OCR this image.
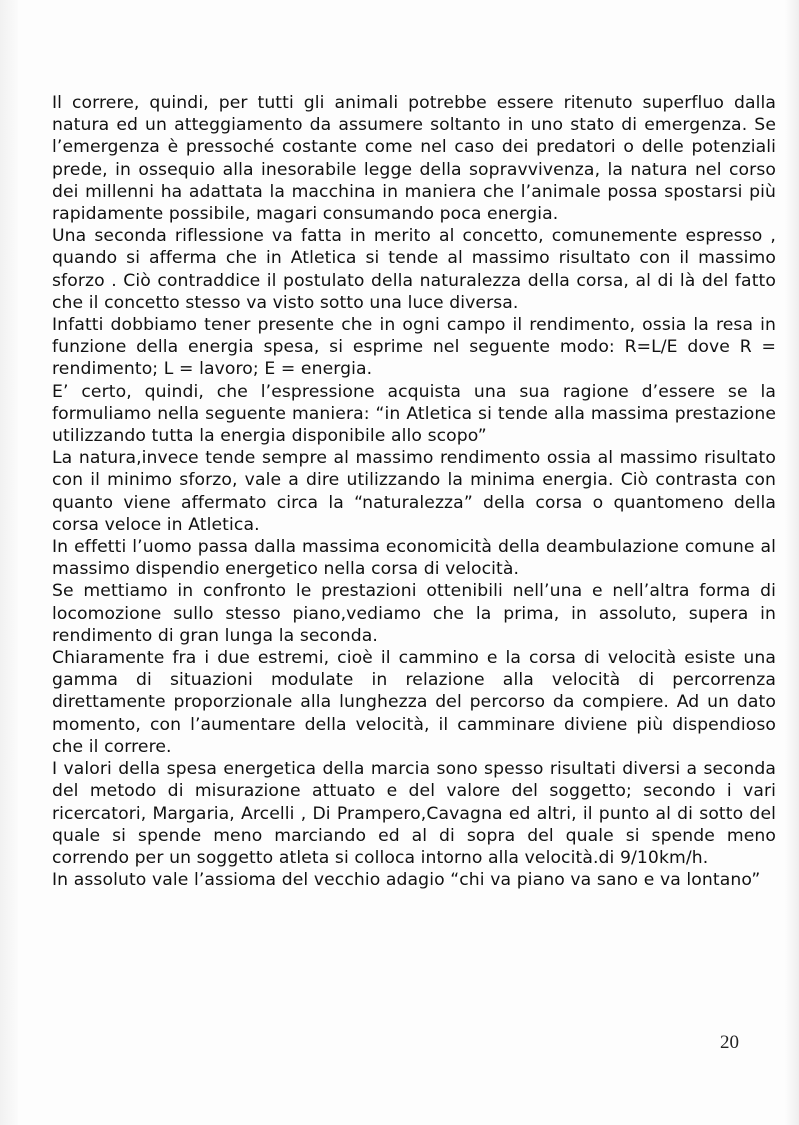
Il correre, quindi, per tutti gli animali potrebbe essere ritenuto superfluo dalla natura ed un atteggiamento da assumere soltanto in uno stato di emergenza. Se l’emergenza è pressoché costante come nel caso dei predatori o delle potenziali prede, in ossequio alla inesorabile legge della sopravvivenza, la natura nel corso dei millenni ha adattata la macchina in maniera che l’animale possa spostarsi più rapidamente possibile, magari consumando poca energia.

Una seconda riflessione va fatta in merito al concetto, comunemente espresso , quando si afferma che in Atletica si tende al massimo risultato con il massimo sforzo . Ciò contraddice il postulato della naturalezza della corsa, al di là del fatto che il concetto stesso va visto sotto una luce diversa.

Infatti dobbiamo tener presente che in ogni campo il rendimento, ossia la resa in funzione della energia spesa, si esprime nel seguente modo: R=L/E dove R = rendimento; L = lavoro; E = energia.

E’ certo, quindi, che l’espressione acquista una sua ragione d’essere se la formuliamo nella seguente maniera: “in Atletica si tende alla massima prestazione utilizzando tutta la energia disponibile allo scopo”

La natura,invece tende sempre al massimo rendimento ossia al massimo risultato con il minimo sforzo, vale a dire utilizzando la minima energia. Ciò contrasta con quanto viene affermato circa la “naturalezza” della corsa o quantomeno della corsa veloce in Atletica.

In effetti l’uomo passa dalla massima economicità della deambulazione comune al massimo dispendio energetico nella corsa di velocità.

Se mettiamo in confronto le prestazioni ottenibili nell’una e nell’altra forma di locomozione sullo stesso piano,vediamo che la prima, in assoluto, supera in rendimento di gran lunga la seconda.

Chiaramente fra i due estremi, cioè il cammino e la corsa di velocità esiste una gamma di situazioni modulate in relazione alla velocità di percorrenza direttamente proporzionale alla lunghezza del percorso da compiere. Ad un dato momento, con l’aumentare della velocità, il camminare diviene più dispendioso che il correre.

I valori della spesa energetica della marcia sono spesso risultati diversi a seconda del metodo di misurazione attuato e del valore del soggetto; secondo i vari ricercatori, Margaria, Arcelli , Di Prampero,Cavagna ed altri, il punto al di sotto del quale si spende meno marciando ed al di sopra del quale si spende meno correndo per un soggetto atleta si colloca intorno alla velocità.di 9/10km/h.

In assoluto vale l’assioma del vecchio adagio “chi va piano va sano e va lontano”

20
